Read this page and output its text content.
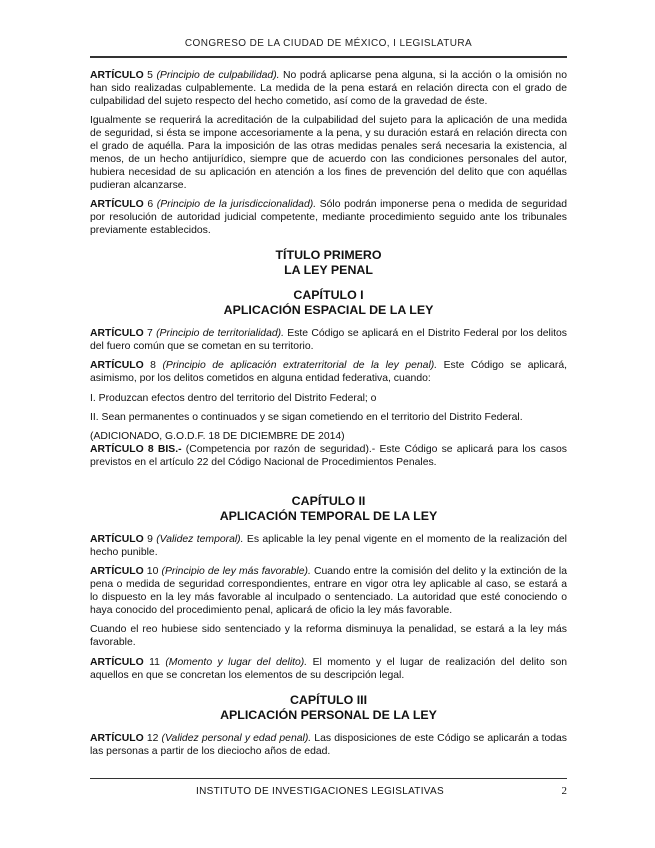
CONGRESO DE LA CIUDAD DE MÉXICO, I LEGISLATURA

ARTÍCULO 5 (Principio de culpabilidad). No podrá aplicarse pena alguna, si la acción o la omisión no han sido realizadas culpablemente. La medida de la pena estará en relación directa con el grado de culpabilidad del sujeto respecto del hecho cometido, así como de la gravedad de éste.

Igualmente se requerirá la acreditación de la culpabilidad del sujeto para la aplicación de una medida de seguridad, si ésta se impone accesoriamente a la pena, y su duración estará en relación directa con el grado de aquélla. Para la imposición de las otras medidas penales será necesaria la existencia, al menos, de un hecho antijurídico, siempre que de acuerdo con las condiciones personales del autor, hubiera necesidad de su aplicación en atención a los fines de prevención del delito que con aquéllas pudieran alcanzarse.

ARTÍCULO 6 (Principio de la jurisdiccionalidad). Sólo podrán imponerse pena o medida de seguridad por resolución de autoridad judicial competente, mediante procedimiento seguido ante los tribunales previamente establecidos.

TÍTULO PRIMERO

LA LEY PENAL

CAPÍTULO I

APLICACIÓN ESPACIAL DE LA LEY

ARTÍCULO 7 (Principio de territorialidad). Este Código se aplicará en el Distrito Federal por los delitos del fuero común que se cometan en su territorio.

ARTÍCULO 8 (Principio de aplicación extraterritorial de la ley penal). Este Código se aplicará, asimismo, por los delitos cometidos en alguna entidad federativa, cuando:

I. Produzcan efectos dentro del territorio del Distrito Federal; o

II. Sean permanentes o continuados y se sigan cometiendo en el territorio del Distrito Federal.

(ADICIONADO, G.O.D.F. 18 DE DICIEMBRE DE 2014)

ARTÍCULO 8 BIS.- (Competencia por razón de seguridad).- Este Código se aplicará para los casos previstos en el artículo 22 del Código Nacional de Procedimientos Penales.

CAPÍTULO II

APLICACIÓN TEMPORAL DE LA LEY

ARTÍCULO 9 (Validez temporal). Es aplicable la ley penal vigente en el momento de la realización del hecho punible.

ARTÍCULO 10 (Principio de ley más favorable). Cuando entre la comisión del delito y la extinción de la pena o medida de seguridad correspondientes, entrare en vigor otra ley aplicable al caso, se estará a lo dispuesto en la ley más favorable al inculpado o sentenciado. La autoridad que esté conociendo o haya conocido del procedimiento penal, aplicará de oficio la ley más favorable.

Cuando el reo hubiese sido sentenciado y la reforma disminuya la penalidad, se estará a la ley más favorable.

ARTÍCULO 11 (Momento y lugar del delito). El momento y el lugar de realización del delito son aquellos en que se concretan los elementos de su descripción legal.

CAPÍTULO III

APLICACIÓN PERSONAL DE LA LEY

ARTÍCULO 12 (Validez personal y edad penal). Las disposiciones de este Código se aplicarán a todas las personas a partir de los dieciocho años de edad.

INSTITUTO DE INVESTIGACIONES LEGISLATIVAS	2
